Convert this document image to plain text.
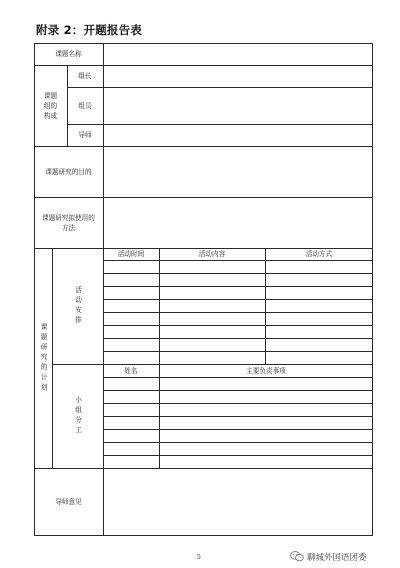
附录 2：开题报告表
课题名称
课题
组的
构成
组长
组员
导师
课题研究的目的
课题研究拟使用的
方法
课题研究的计划
活动安排
活动时间	活动内容	活动方式
小组分工
姓名	主要负责事项
导师意见
5	聊城外国语团委
